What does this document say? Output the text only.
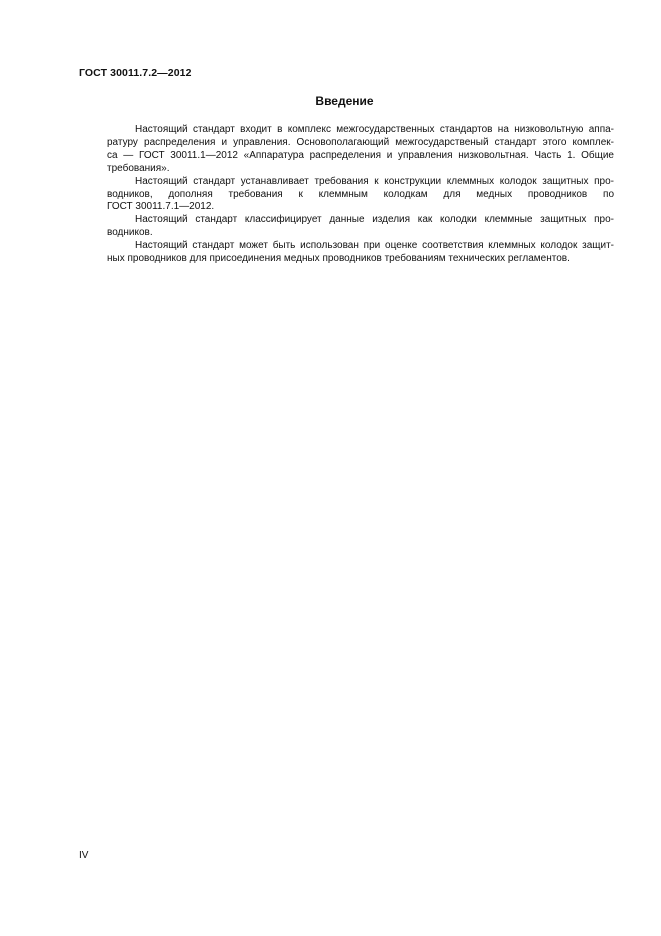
ГОСТ 30011.7.2—2012
Введение
Настоящий стандарт входит в комплекс межгосударственных стандартов на низковольтную аппа-
ратуру распределения и управления. Основополагающий межгосударственый стандарт этого комплек-
са — ГОСТ 30011.1—2012 «Аппаратура распределения и управления низковольтная. Часть 1. Общие
требования».
Настоящий стандарт устанавливает требования к конструкции клеммных колодок защитных про-
водников, дополняя требования к клеммным колодкам для медных проводников по
ГОСТ 30011.7.1—2012.
Настоящий стандарт классифицирует данные изделия как колодки клеммные защитных про-
водников.
Настоящий стандарт может быть использован при оценке соответствия клеммных колодок защит-
ных проводников для присоединения медных проводников требованиям технических регламентов.
IV
